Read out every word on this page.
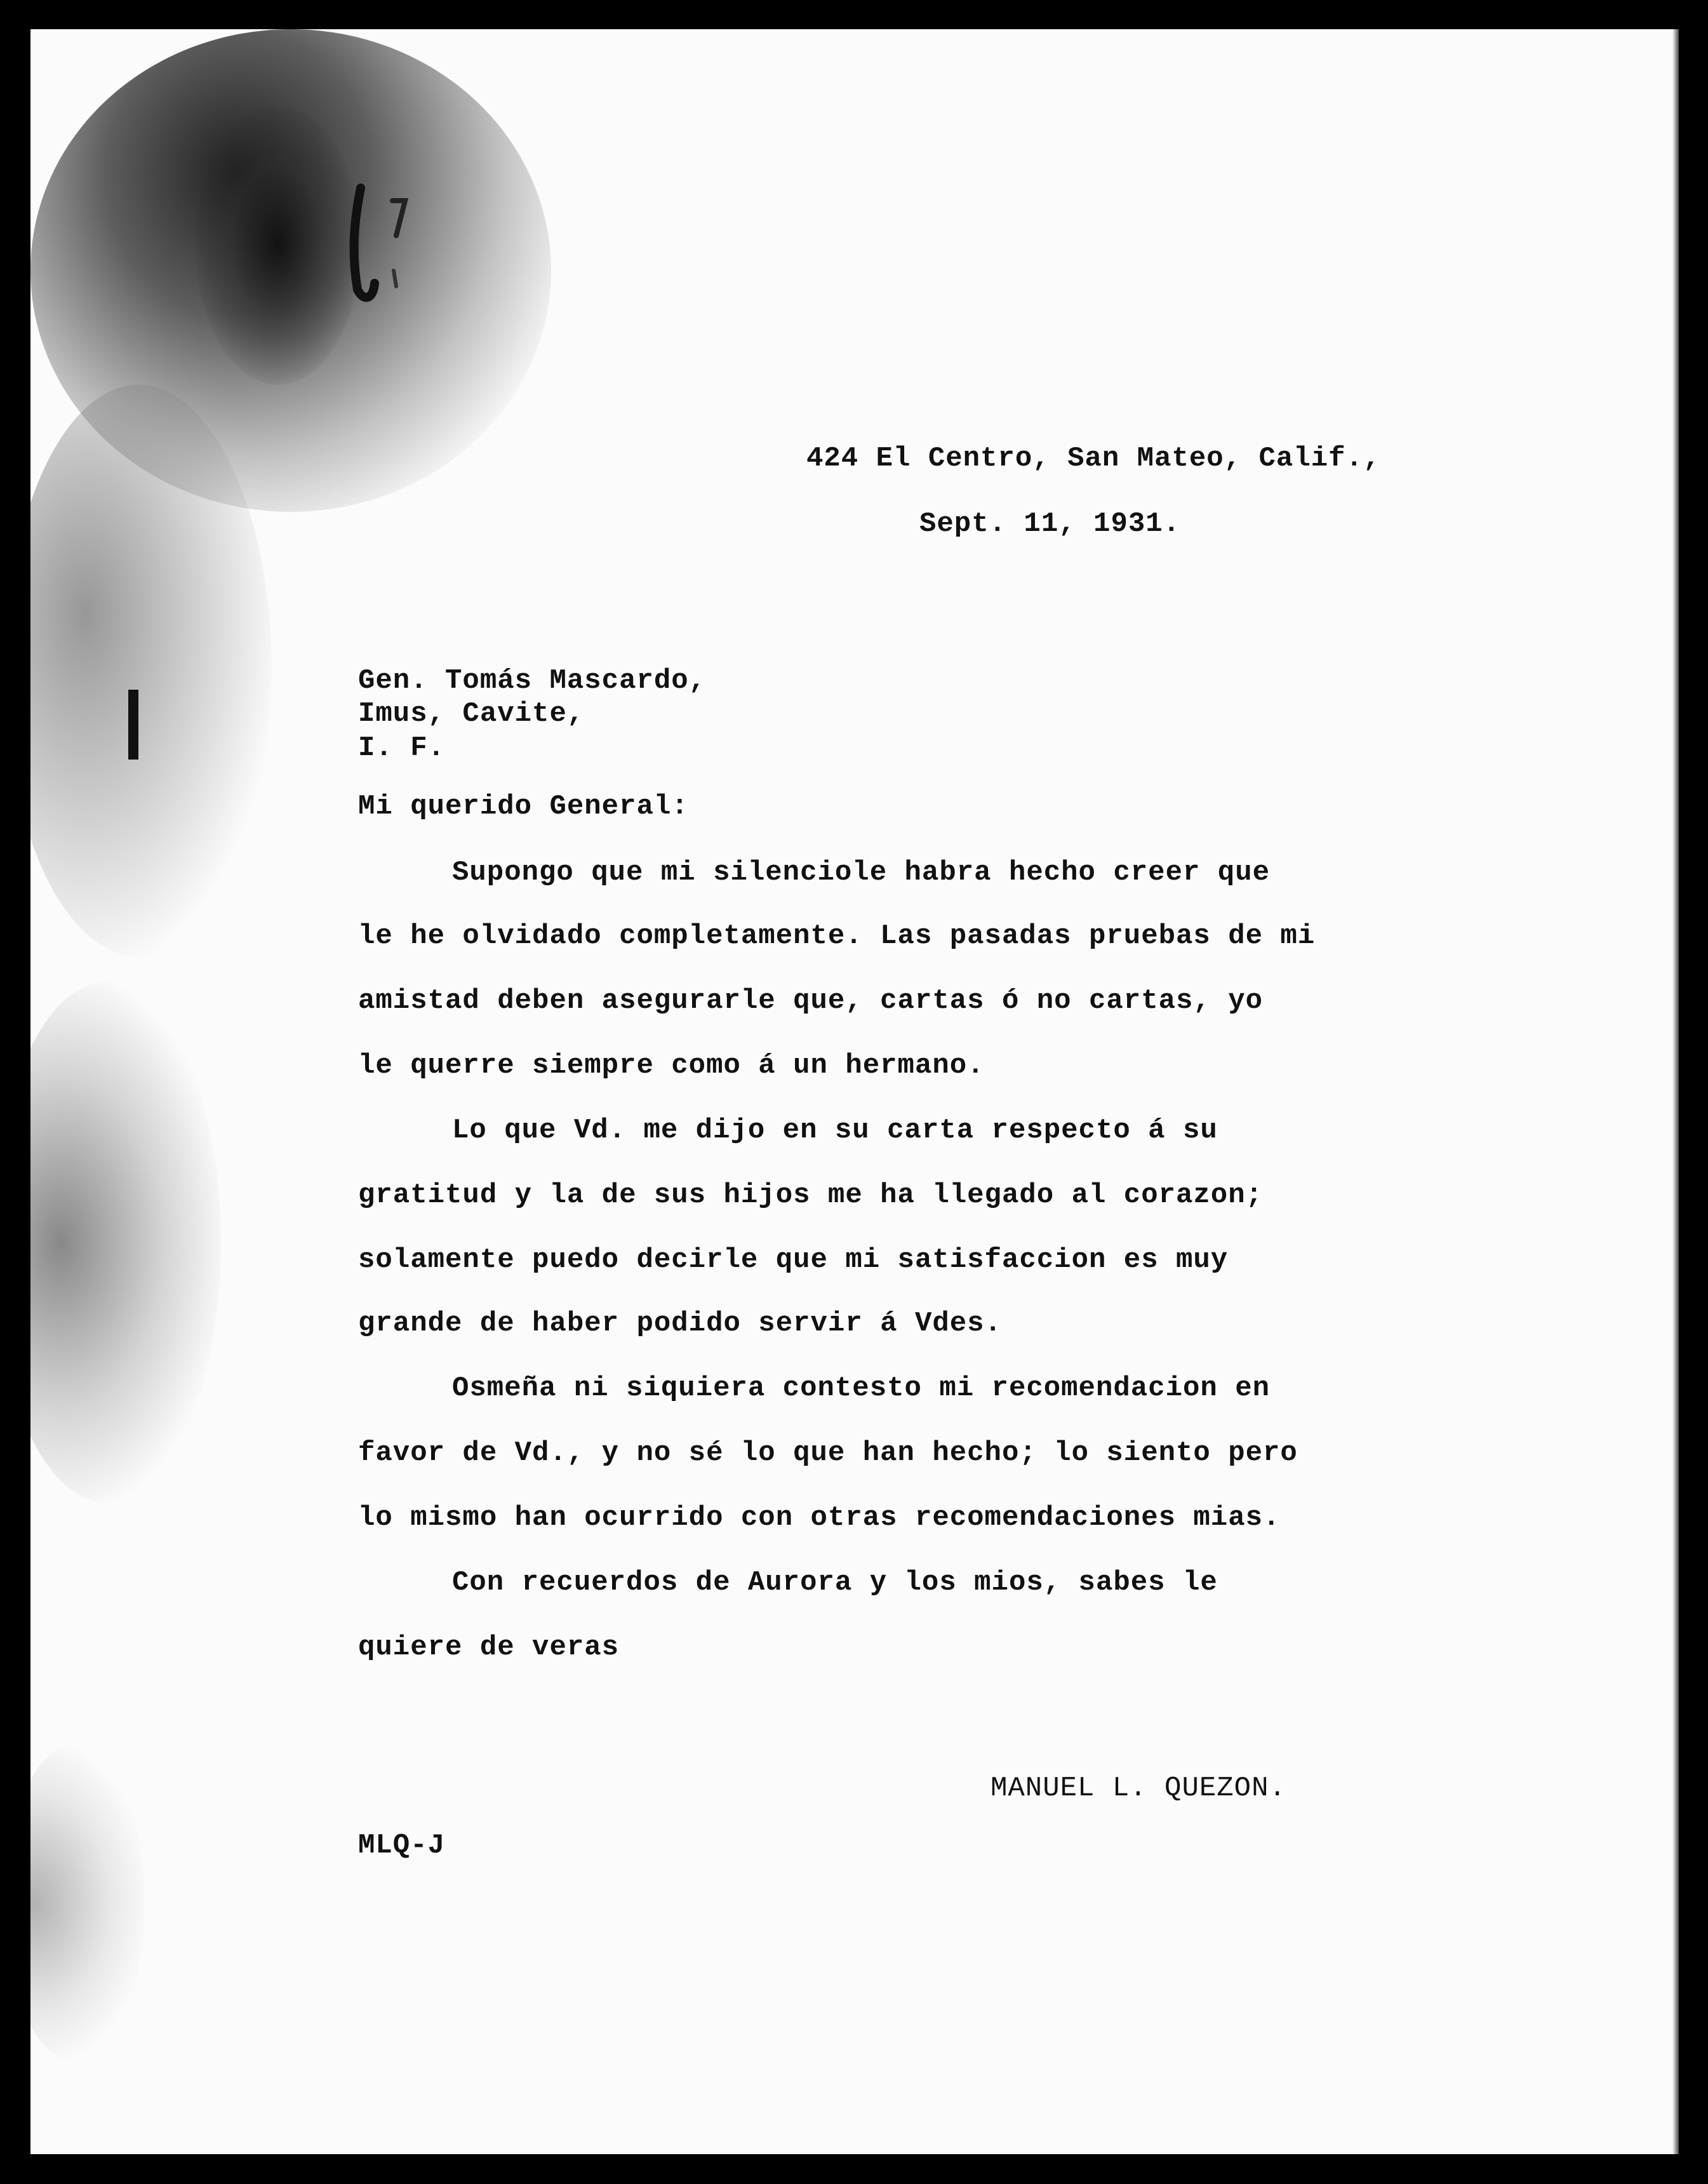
424 El Centro, San Mateo, Calif.,
Sept. 11, 1931.
Gen. Tomás Mascardo,
Imus, Cavite,
I. F.
Mi querido General:
Supongo que mi silenciole habra hecho creer que
le he olvidado completamente. Las pasadas pruebas de mi
amistad deben asegurarle que, cartas ó no cartas, yo
le querre siempre como á un hermano.
Lo que Vd. me dijo en su carta respecto á su
gratitud y la de sus hijos me ha llegado al corazon;
solamente puedo decirle que mi satisfaccion es muy
grande de haber podido servir á Vdes.
Osmeña ni siquiera contesto mi recomendacion en
favor de Vd., y no sé lo que han hecho; lo siento pero
lo mismo han ocurrido con otras recomendaciones mias.
Con recuerdos de Aurora y los mios, sabes le
quiere de veras
MANUEL L. QUEZON.
MLQ-J
